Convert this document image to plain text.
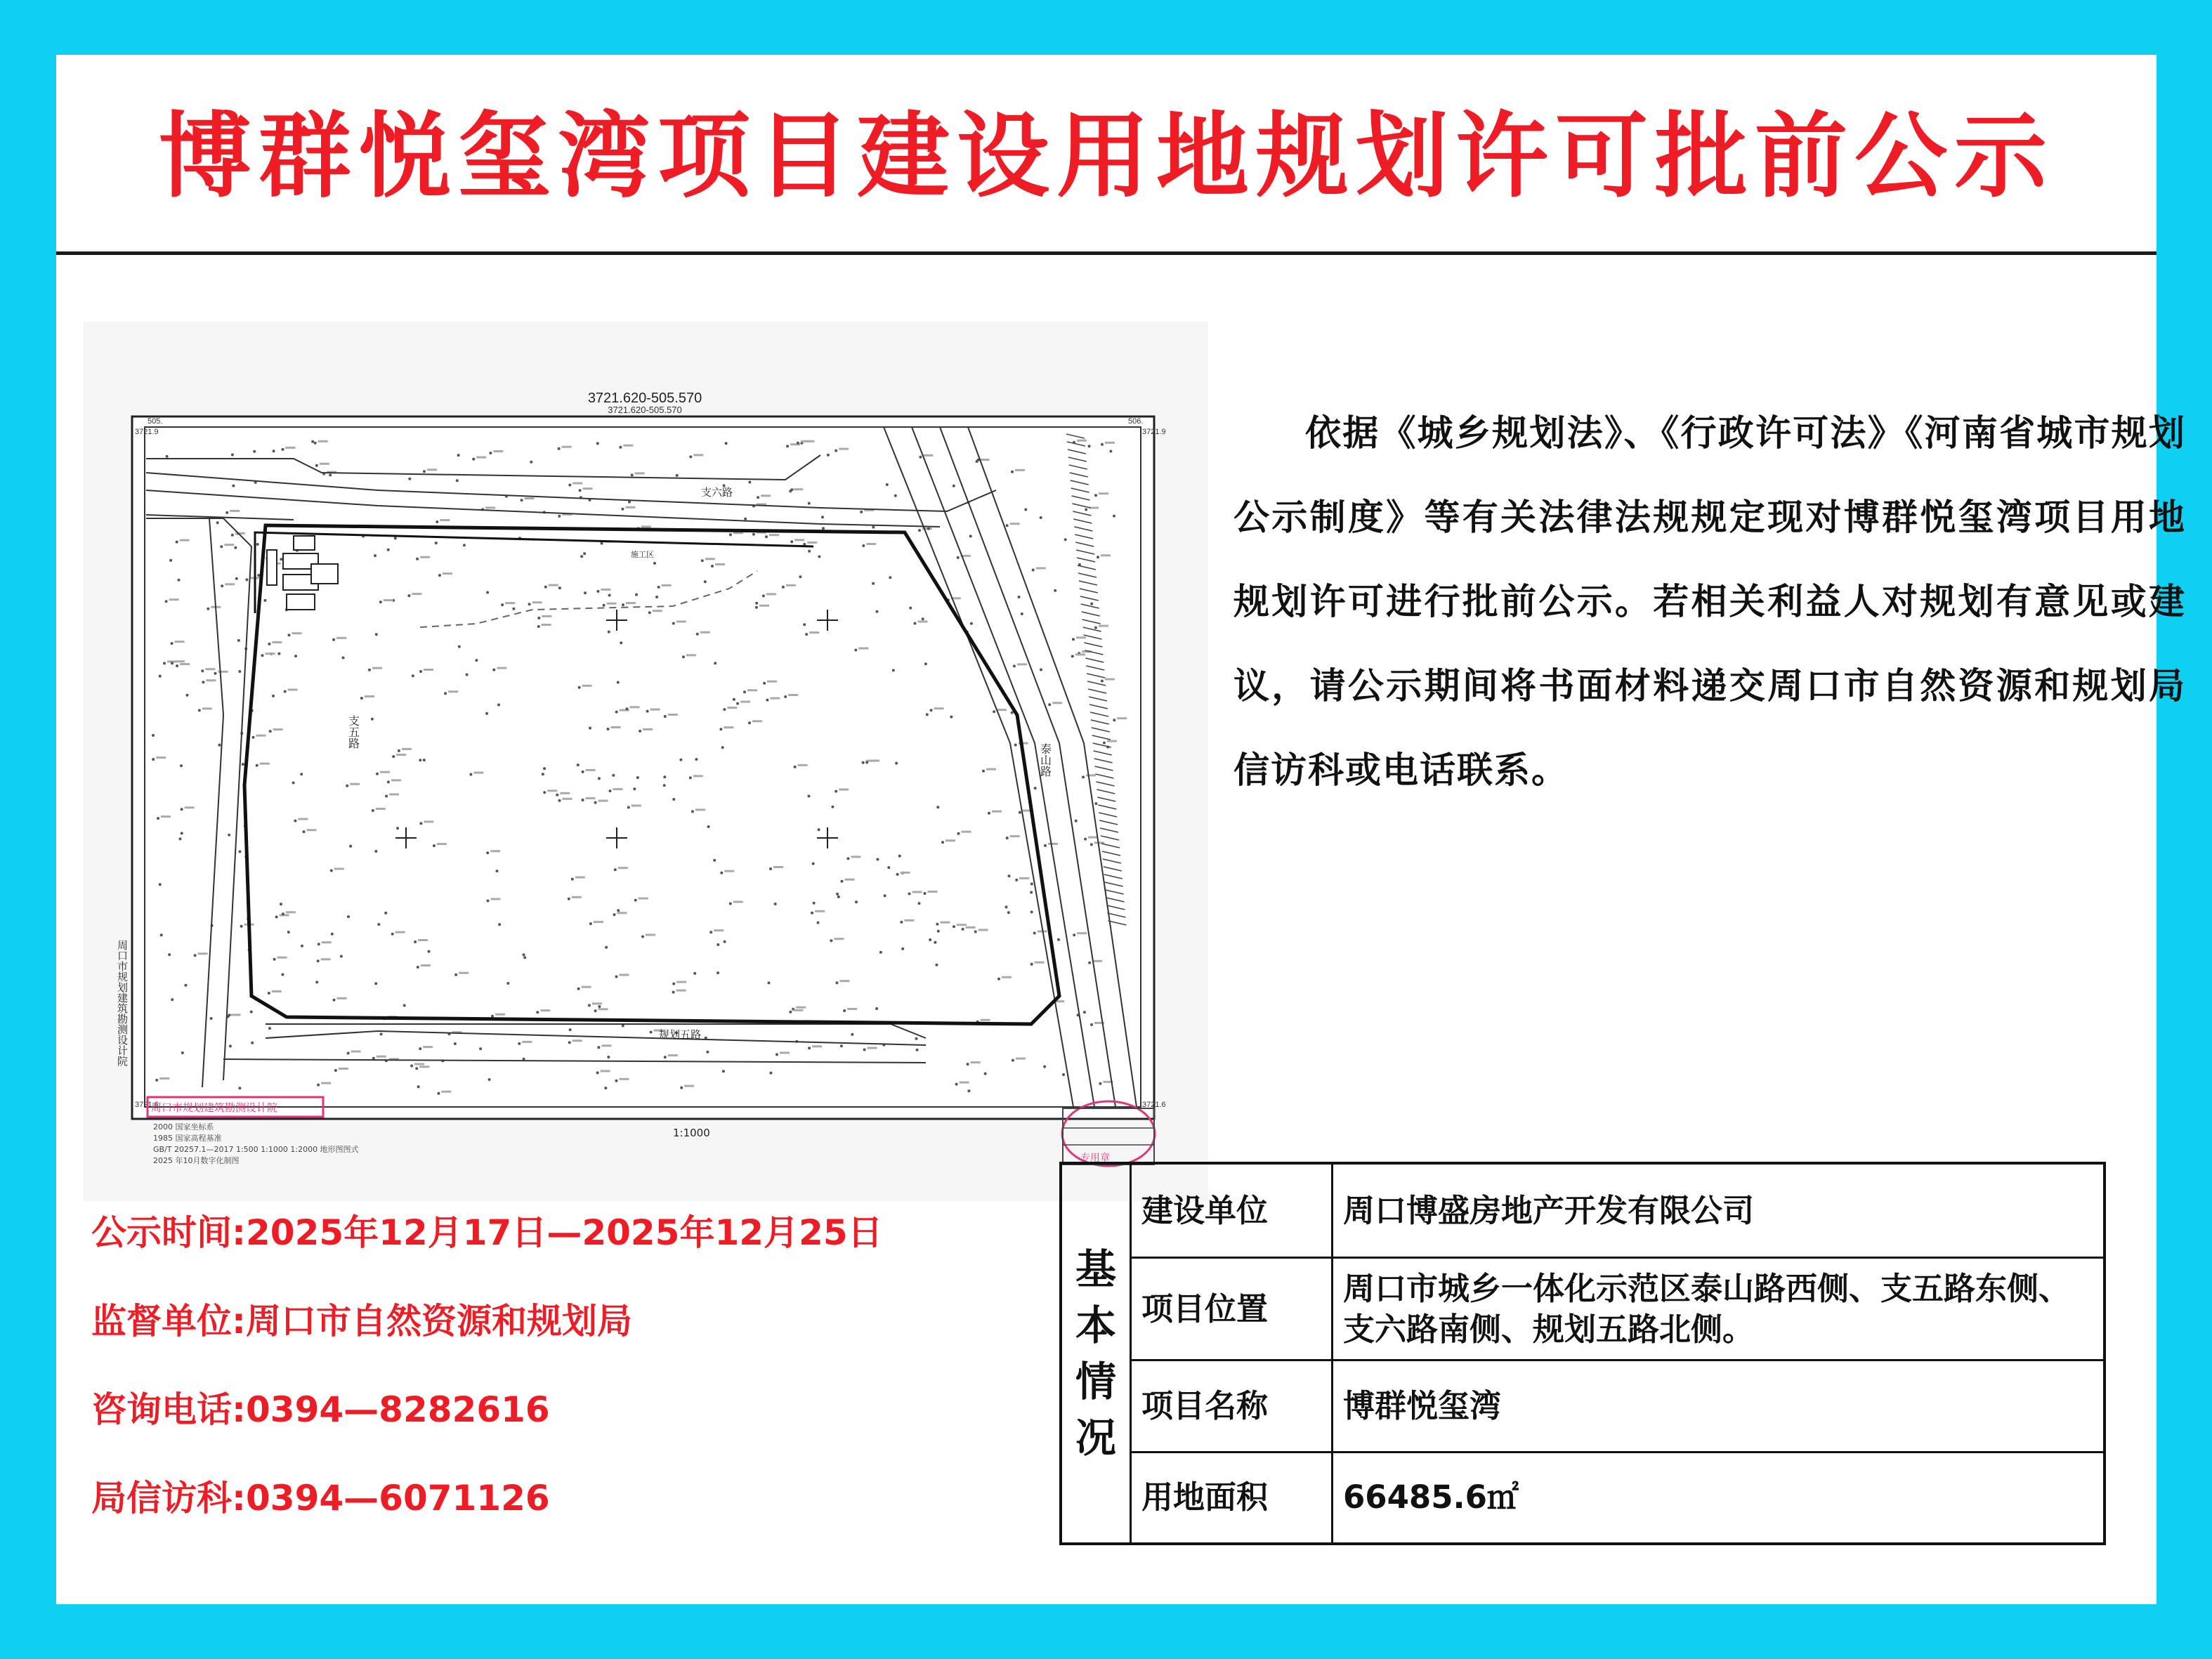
博群悦玺湾项目建设用地规划许可批前公示
3721.620-505.570
3721.620-505.570
3721.9	3721.9
3721.6	3721.6
505.	506.
支六路
规划五路
支五路
泰山路
施工区
周口市规划建筑勘测设计院
周口市规划建筑勘测设计院
2000 国家坐标系
1985 国家高程基准
GB/T 20257.1—2017 1:500 1:1000 1:2000 地形图图式
2025 年10月数字化制图
1:1000
专用章
依据《城乡规划法》、《行政许可法》《河南省城市规划公示制度》等有关法律法规规定现对博群悦玺湾项目用地规划许可进行批前公示。若相关利益人对规划有意见或建议，请公示期间将书面材料递交周口市自然资源和规划局信访科或电话联系。
公示时间:2025年12月17日—2025年12月25日
监督单位:周口市自然资源和规划局
咨询电话:0394—8282616
局信访科:0394—6071126
基
本
情
况	建设单位	周口博盛房地产开发有限公司
	项目位置	周口市城乡一体化示范区泰山路西侧、支五路东侧、支六路南侧、规划五路北侧。
	项目名称	博群悦玺湾
	用地面积	66485.6㎡
